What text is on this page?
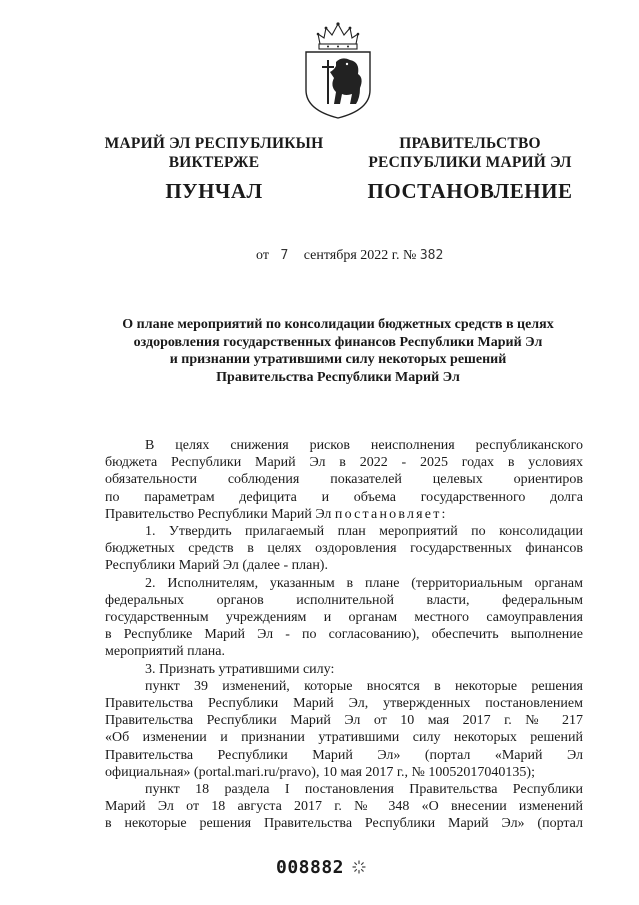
МАРИЙ ЭЛ РЕСПУБЛИКЫН
ВИКТЕРЖЕ
ПУНЧАЛ
ПРАВИТЕЛЬСТВО
РЕСПУБЛИКИ МАРИЙ ЭЛ
ПОСТАНОВЛЕНИЕ
от 7 сентября 2022 г. № 382
О плане мероприятий по консолидации бюджетных средств в целях
оздоровления государственных финансов Республики Марий Эл
и признании утратившими силу некоторых решений
Правительства Республики Марий Эл
В целях снижения рисков неисполнения республиканского
бюджета Республики Марий Эл в 2022 - 2025 годах в условиях
обязательности соблюдения показателей целевых ориентиров
по параметрам дефицита и объема государственного долга
Правительство Республики Марий Эл постановляет:
1. Утвердить прилагаемый план мероприятий по консолидации
бюджетных средств в целях оздоровления государственных финансов
Республики Марий Эл (далее - план).
2. Исполнителям, указанным в плане (территориальным органам
федеральных органов исполнительной власти, федеральным
государственным учреждениям и органам местного самоуправления
в Республике Марий Эл - по согласованию), обеспечить выполнение
мероприятий плана.
3. Признать утратившими силу:
пункт 39 изменений, которые вносятся в некоторые решения
Правительства Республики Марий Эл, утвержденных постановлением
Правительства Республики Марий Эл от 10 мая 2017 г. № 217
«Об изменении и признании утратившими силу некоторых решений
Правительства Республики Марий Эл» (портал «Марий Эл
официальная» (portal.mari.ru/pravo), 10 мая 2017 г., № 10052017040135);
пункт 18 раздела I постановления Правительства Республики
Марий Эл от 18 августа 2017 г. № 348 «О внесении изменений
в некоторые решения Правительства Республики Марий Эл» (портал
008882
